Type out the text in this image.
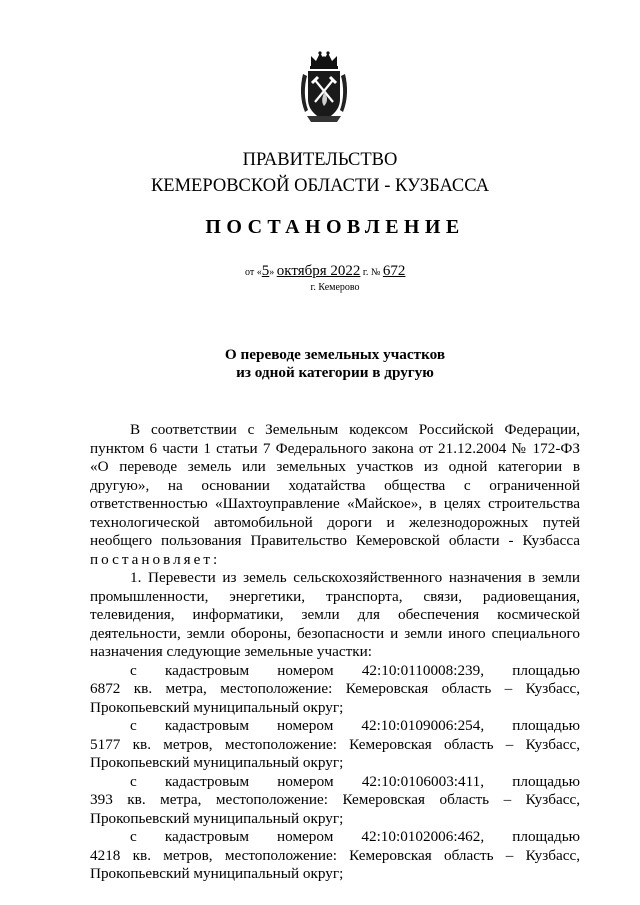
ПРАВИТЕЛЬСТВО
КЕМЕРОВСКОЙ ОБЛАСТИ - КУЗБАССА
ПОСТАНОВЛЕНИЕ
от «5» октября 2022 г. № 672
г. Кемерово
О переводе земельных участков
из одной категории в другую
В соответствии с Земельным кодексом Российской Федерации, пунктом 6 части 1 статьи 7 Федерального закона от 21.12.2004 № 172-ФЗ «О переводе земель или земельных участков из одной категории в другую», на основании ходатайства общества с ограниченной ответственностью «Шахтоуправление «Майское», в целях строительства технологической автомобильной дороги и железнодорожных путей необщего пользования Правительство Кемеровской области - Кузбасса постановляет:
1. Перевести из земель сельскохозяйственного назначения в земли промышленности, энергетики, транспорта, связи, радиовещания, телевидения, информатики, земли для обеспечения космической деятельности, земли обороны, безопасности и земли иного специального назначения следующие земельные участки:
с кадастровым номером 42:10:0110008:239, площадью
6872 кв. метра, местоположение: Кемеровская область – Кузбасс,
Прокопьевский муниципальный округ;
с кадастровым номером 42:10:0109006:254, площадью
5177 кв. метров, местоположение: Кемеровская область – Кузбасс,
Прокопьевский муниципальный округ;
с кадастровым номером 42:10:0106003:411, площадью
393 кв. метра, местоположение: Кемеровская область – Кузбасс,
Прокопьевский муниципальный округ;
с кадастровым номером 42:10:0102006:462, площадью
4218 кв. метров, местоположение: Кемеровская область – Кузбасс,
Прокопьевский муниципальный округ;
